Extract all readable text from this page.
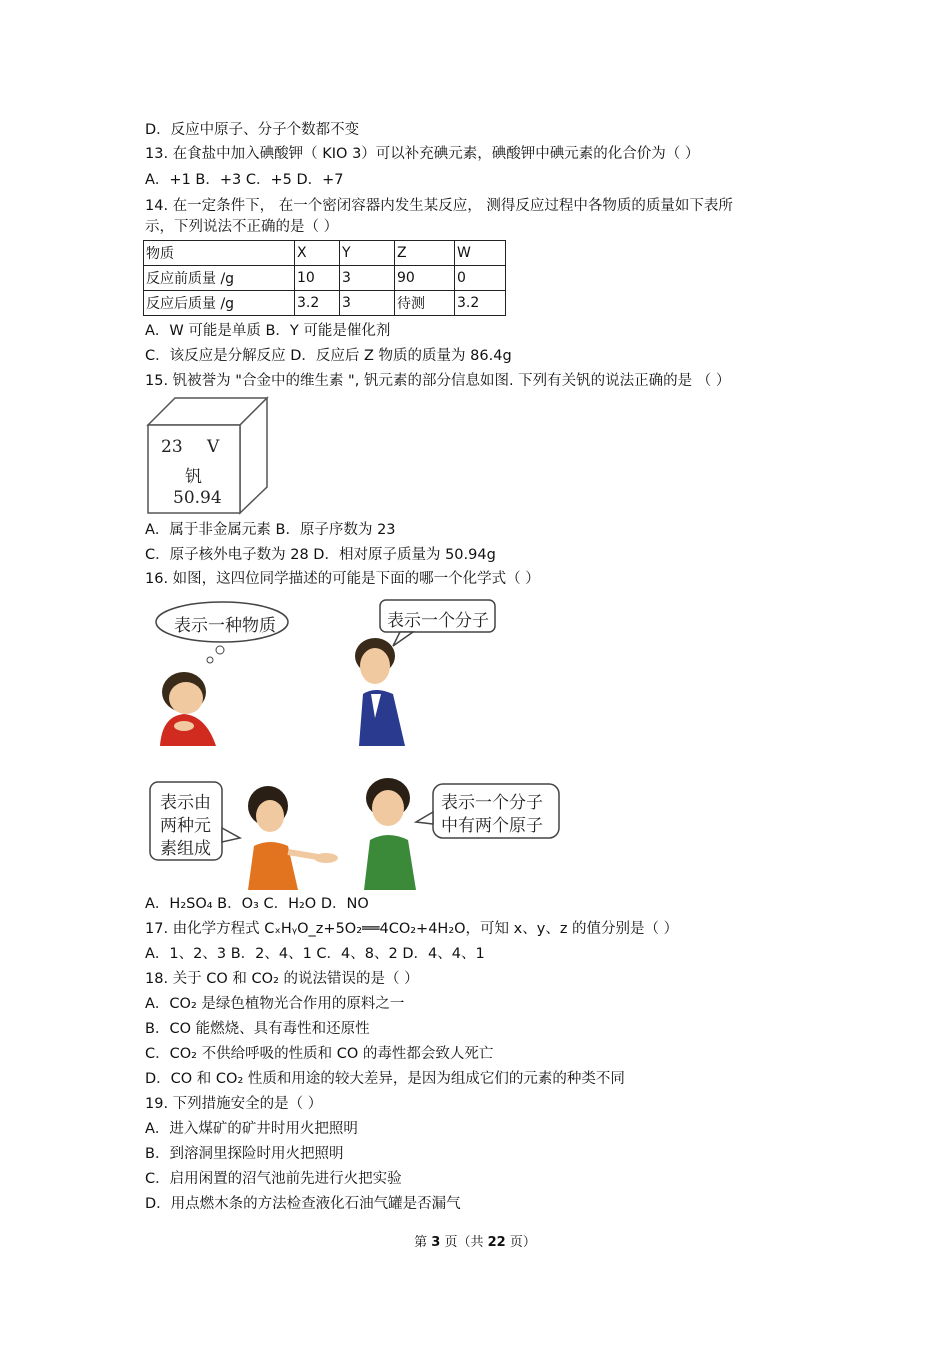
D．反应中原子、分子个数都不变
13. 在食盐中加入碘酸钾（ KIO 3）可以补充碘元素，碘酸钾中碘元素的化合价为（ ）
A．+1 B．+3 C．+5 D．+7
14. 在一定条件下， 在一个密闭容器内发生某反应， 测得反应过程中各物质的质量如下表所
示，下列说法不正确的是（ ）
物质	X	Y	Z	W
反应前质量 /g	10	3	90	0
反应后质量 /g	3.2	3	待测	3.2
A．W 可能是单质 B．Y 可能是催化剂
C．该反应是分解反应 D．反应后 Z 物质的质量为 86.4g
15. 钒被誉为 "合金中的维生素 ", 钒元素的部分信息如图. 下列有关钒的说法正确的是 （ ）
23 V
钒
50.94
A．属于非金属元素 B．原子序数为 23
C．原子核外电子数为 28 D．相对原子质量为 50.94g
16. 如图，这四位同学描述的可能是下面的哪一个化学式（ ）
表示一种物质	表示一个分子
表示由
两种元
素组成
表示一个分子
中有两个原子
A．H₂SO₄ B．O₃ C．H₂O D．NO
17. 由化学方程式 CₓHᵧO_z+5O₂══4CO₂+4H₂O，可知 x、y、z 的值分别是（ ）
A．1、2、3 B．2、4、1 C．4、8、2 D．4、4、1
18. 关于 CO 和 CO₂ 的说法错误的是（ ）
A．CO₂ 是绿色植物光合作用的原料之一
B．CO 能燃烧、具有毒性和还原性
C．CO₂ 不供给呼吸的性质和 CO 的毒性都会致人死亡
D．CO 和 CO₂ 性质和用途的较大差异，是因为组成它们的元素的种类不同
19. 下列措施安全的是（ ）
A．进入煤矿的矿井时用火把照明
B．到溶洞里探险时用火把照明
C．启用闲置的沼气池前先进行火把实验
D．用点燃木条的方法检查液化石油气罐是否漏气
第 3 页（共 22 页）
